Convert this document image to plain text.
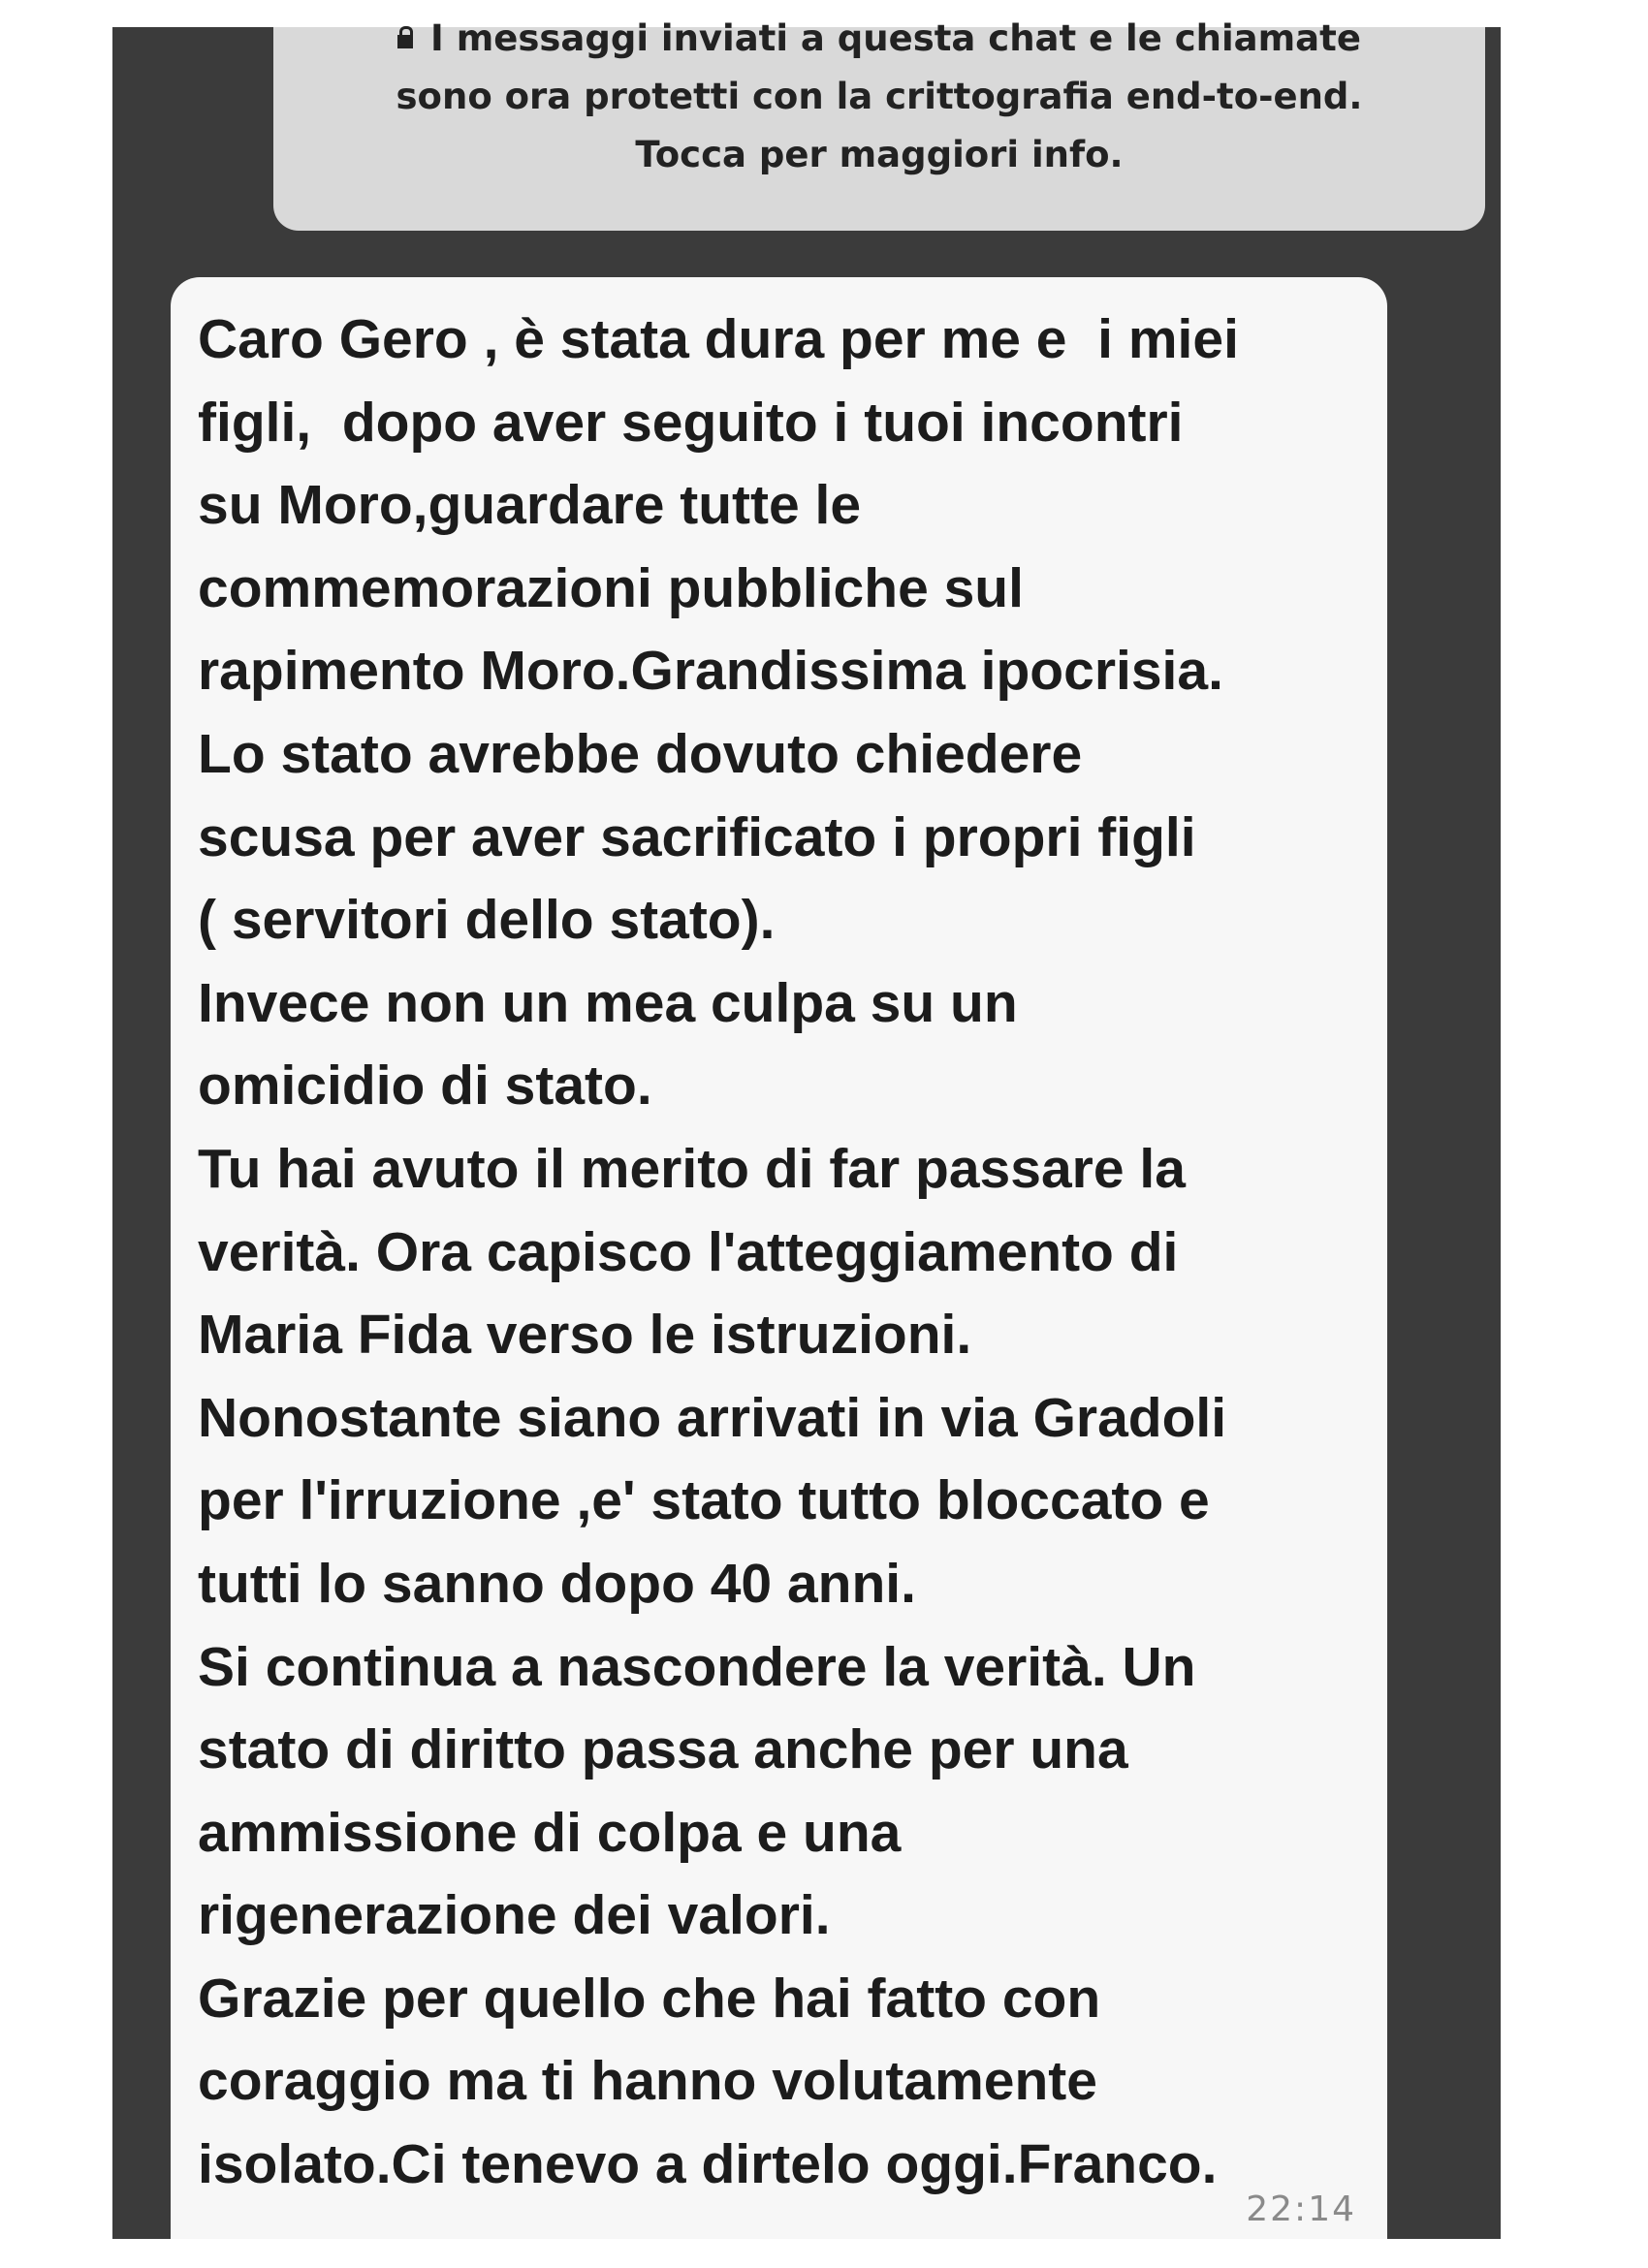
I messaggi inviati a questa chat e le chiamate
sono ora protetti con la crittografia end-to-end.
Tocca per maggiori info.

Caro Gero , è stata dura per me e  i miei
figli,  dopo aver seguito i tuoi incontri
su Moro,guardare tutte le
commemorazioni pubbliche sul
rapimento Moro.Grandissima ipocrisia.
Lo stato avrebbe dovuto chiedere
scusa per aver sacrificato i propri figli
( servitori dello stato).
Invece non un mea culpa su un
omicidio di stato.
Tu hai avuto il merito di far passare la
verità. Ora capisco l'atteggiamento di
Maria Fida verso le istruzioni.
Nonostante siano arrivati in via Gradoli
per l'irruzione ,e' stato tutto bloccato e
tutti lo sanno dopo 40 anni.
Si continua a nascondere la verità. Un
stato di diritto passa anche per una
ammissione di colpa e una
rigenerazione dei valori.
Grazie per quello che hai fatto con
coraggio ma ti hanno volutamente
isolato.Ci tenevo a dirtelo oggi.Franco.

22:14
